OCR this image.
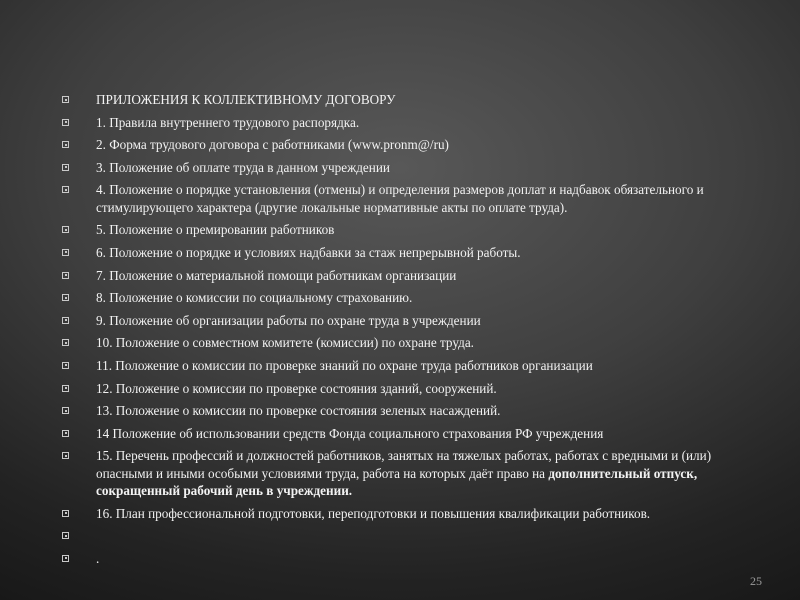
ПРИЛОЖЕНИЯ К КОЛЛЕКТИВНОМУ ДОГОВОРУ
1. Правила внутреннего трудового распорядка.
2. Форма трудового договора с работниками (www.pronm@/ru)
3. Положение об оплате труда в данном учреждении
4. Положение о порядке установления (отмены) и определения размеров доплат и надбавок обязательного и стимулирующего характера (другие локальные нормативные акты по оплате труда).
5. Положение о премировании работников
6. Положение о порядке и условиях надбавки за стаж непрерывной работы.
7. Положение о материальной помощи работникам организации
8. Положение о комиссии по социальному страхованию.
9. Положение об организации работы по охране труда в учреждении
10. Положение о совместном комитете (комиссии) по охране труда.
11. Положение о комиссии по проверке знаний по охране труда работников организации
12. Положение о комиссии по проверке состояния зданий, сооружений.
13. Положение о комиссии по проверке состояния зеленых насаждений.
14 Положение об использовании средств Фонда социального страхования РФ учреждения
15. Перечень профессий и должностей работников, занятых на тяжелых работах, работах с вредными и (или) опасными и иными особыми условиями труда, работа на которых даёт право на дополнительный отпуск, сокращенный рабочий день в учреждении.
16. План профессиональной подготовки, переподготовки и повышения квалификации работников.
.
25
